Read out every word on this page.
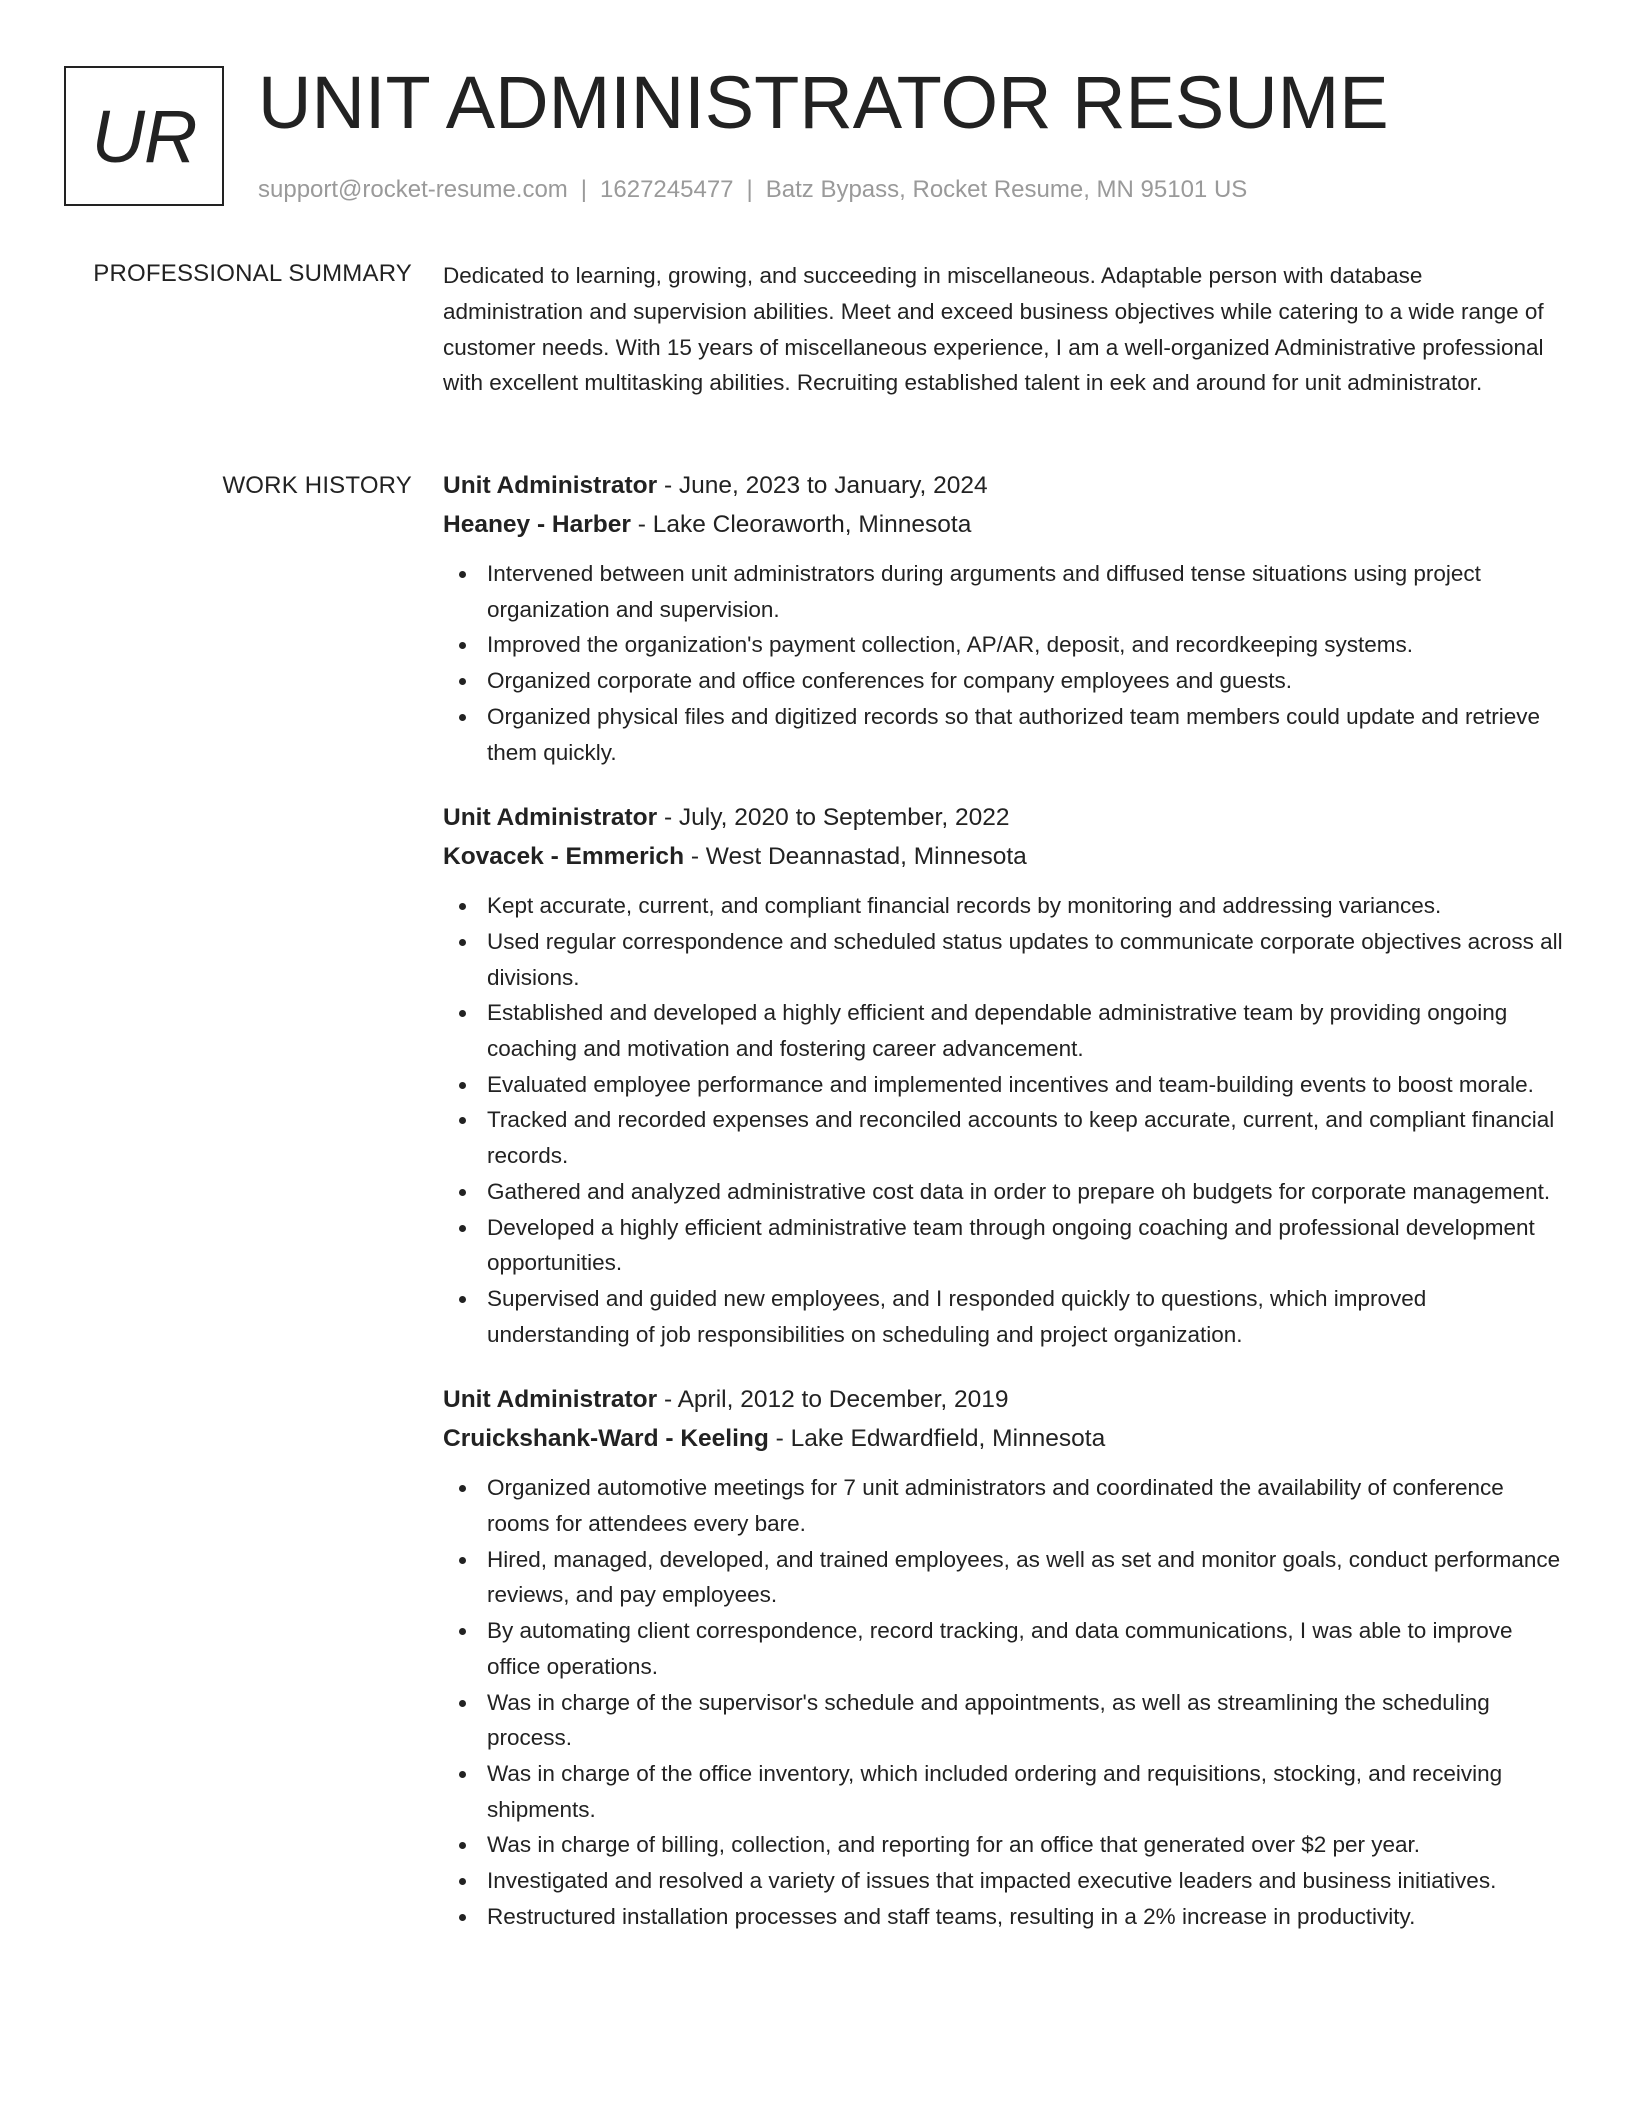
UR UNIT ADMINISTRATOR RESUME
support@rocket-resume.com | 1627245477 | Batz Bypass, Rocket Resume, MN 95101 US
PROFESSIONAL SUMMARY Dedicated to learning, growing, and succeeding in miscellaneous. Adaptable person with database administration and supervision abilities. Meet and exceed business objectives while catering to a wide range of customer needs. With 15 years of miscellaneous experience, I am a well-organized Administrative professional with excellent multitasking abilities. Recruiting established talent in eek and around for unit administrator.

WORK HISTORY Unit Administrator - June, 2023 to January, 2024
Heaney - Harber - Lake Cleoraworth, Minnesota
Intervened between unit administrators during arguments and diffused tense situations using project organization and supervision.
Improved the organization's payment collection, AP/AR, deposit, and recordkeeping systems.
Organized corporate and office conferences for company employees and guests.
Organized physical files and digitized records so that authorized team members could update and retrieve them quickly.
Unit Administrator - July, 2020 to September, 2022
Kovacek - Emmerich - West Deannastad, Minnesota
Kept accurate, current, and compliant financial records by monitoring and addressing variances.
Used regular correspondence and scheduled status updates to communicate corporate objectives across all divisions.
Established and developed a highly efficient and dependable administrative team by providing ongoing coaching and motivation and fostering career advancement.
Evaluated employee performance and implemented incentives and team-building events to boost morale.
Tracked and recorded expenses and reconciled accounts to keep accurate, current, and compliant financial records.
Gathered and analyzed administrative cost data in order to prepare oh budgets for corporate management.
Developed a highly efficient administrative team through ongoing coaching and professional development opportunities.
Supervised and guided new employees, and I responded quickly to questions, which improved understanding of job responsibilities on scheduling and project organization.
Unit Administrator - April, 2012 to December, 2019
Cruickshank-Ward - Keeling - Lake Edwardfield, Minnesota
Organized automotive meetings for 7 unit administrators and coordinated the availability of conference rooms for attendees every bare.
Hired, managed, developed, and trained employees, as well as set and monitor goals, conduct performance reviews, and pay employees.
By automating client correspondence, record tracking, and data communications, I was able to improve office operations.
Was in charge of the supervisor's schedule and appointments, as well as streamlining the scheduling process.
Was in charge of the office inventory, which included ordering and requisitions, stocking, and receiving shipments.
Was in charge of billing, collection, and reporting for an office that generated over $2 per year.
Investigated and resolved a variety of issues that impacted executive leaders and business initiatives.
Restructured installation processes and staff teams, resulting in a 2% increase in productivity.
